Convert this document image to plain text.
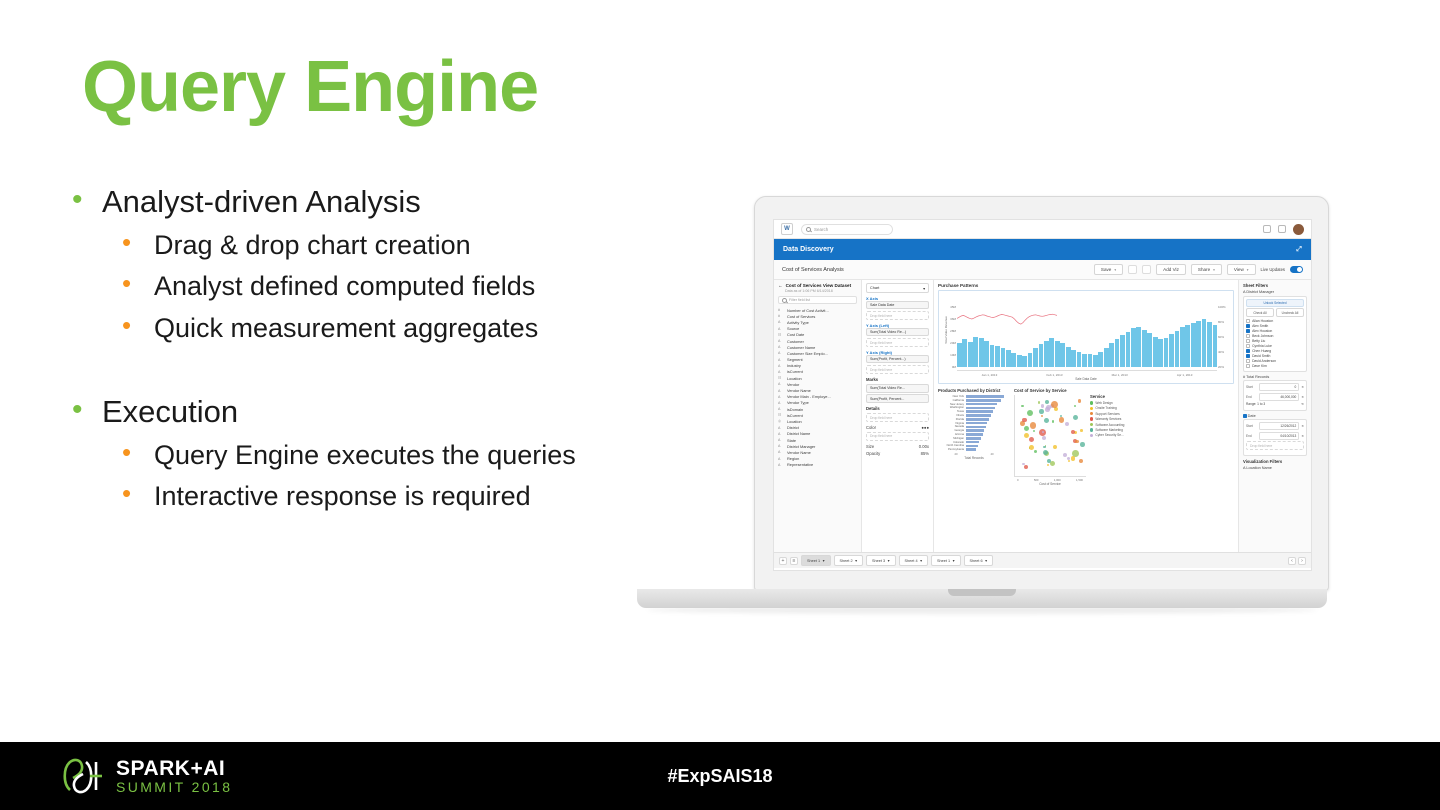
Query Engine
• Analyst-driven Analysis
• Drag & drop chart creation
• Analyst defined computed fields
• Quick measurement aggregates
• Execution
• Query Engine executes the queries
• Interactive response is required
W	Search
Data Discovery	⤢
Cost of Services Analysis	Save ▾	Add Viz	Share ▾	View ▾	Live Updates
← Cost of Services View Dataset
Data as of 1:06 PM 6/14/2018
Filter field list
#	Number of Cost Activit...
#	Cost of Services
A	Activity Type
A	Source
☷	Cost Date
A	Customer
A	Customer Name
A	Customer Size Emplo...
A	Segment
A	Industry
A	isCurrent
☷	Location
A	Vendor
A	Vendor Name
A	Vendor Main - Employe...
A	Vendor Type
A	isDomain
☷	isCurrent
◎	Location
A	District
A	District Name
A	State
A	District Manager
A	Vendor Name
A	Region
A	Representative
Chart	▾
X Axis
Sale Data Date
Drop field here
Y Axis (Left)
Sum(Total Video Re...)
Drop field here
Y Axis (Right)
Sum(Profit, Percent...)
Drop field here
Marks
Sum(Total Video Re...
Sum(Profit, Percent...
Details
Drop field here
Color	●●●
Drop field here
Size	0.00x
Opacity	85%
Purchase Patterns
Total Video Revenue
45M
36M
28M
20M
10M
0M
100%
80%
60%
40%
20%
Jan 1, 2013	Feb 1, 2013	Mar 1, 2013	Apr 1, 2013
Sale Data Date
Products Purchased by District
New York
California
New Jersey
Washington
Texas
Illinois
Florida
Virginia
Nevada
Georgia
Arizona
Michigan
Colorado
North Carolina
Pennsylvania
20	40
Total Records
Cost of Service by Service
0	500	1,000	1,500
Cost of Service
Service
Web Design
Onsite Training
Support Services
Warranty Services
Software Accounting
Software Marketing
Cyber Security Se...
Sheet Filters
A District Manager
Unlock Selected
Check All	Uncheck All
Allan Houston
Alex Smith
Alex Houston
Beck Johnson
Betty Liu
Cynthia Luke
Chen Huang
David Smith
David Anderson
Dave Kim
# Total Records
Start	0	✕
End	46,000,000	✕
Range: 1 to 3	↻
Date
Start	12/26/2012	✕
End	04/10/2013	✕
Drop field here
Visualization Filters
A Location Name
+	≡	Sheet 1 ▾	Sheet 2 ▾	Sheet 3 ▾	Sheet 4 ▾	Sheet 1 ▾	Sheet 6 ▾	‹	›
SPARK+AI
SUMMIT 2018
#ExpSAIS18
